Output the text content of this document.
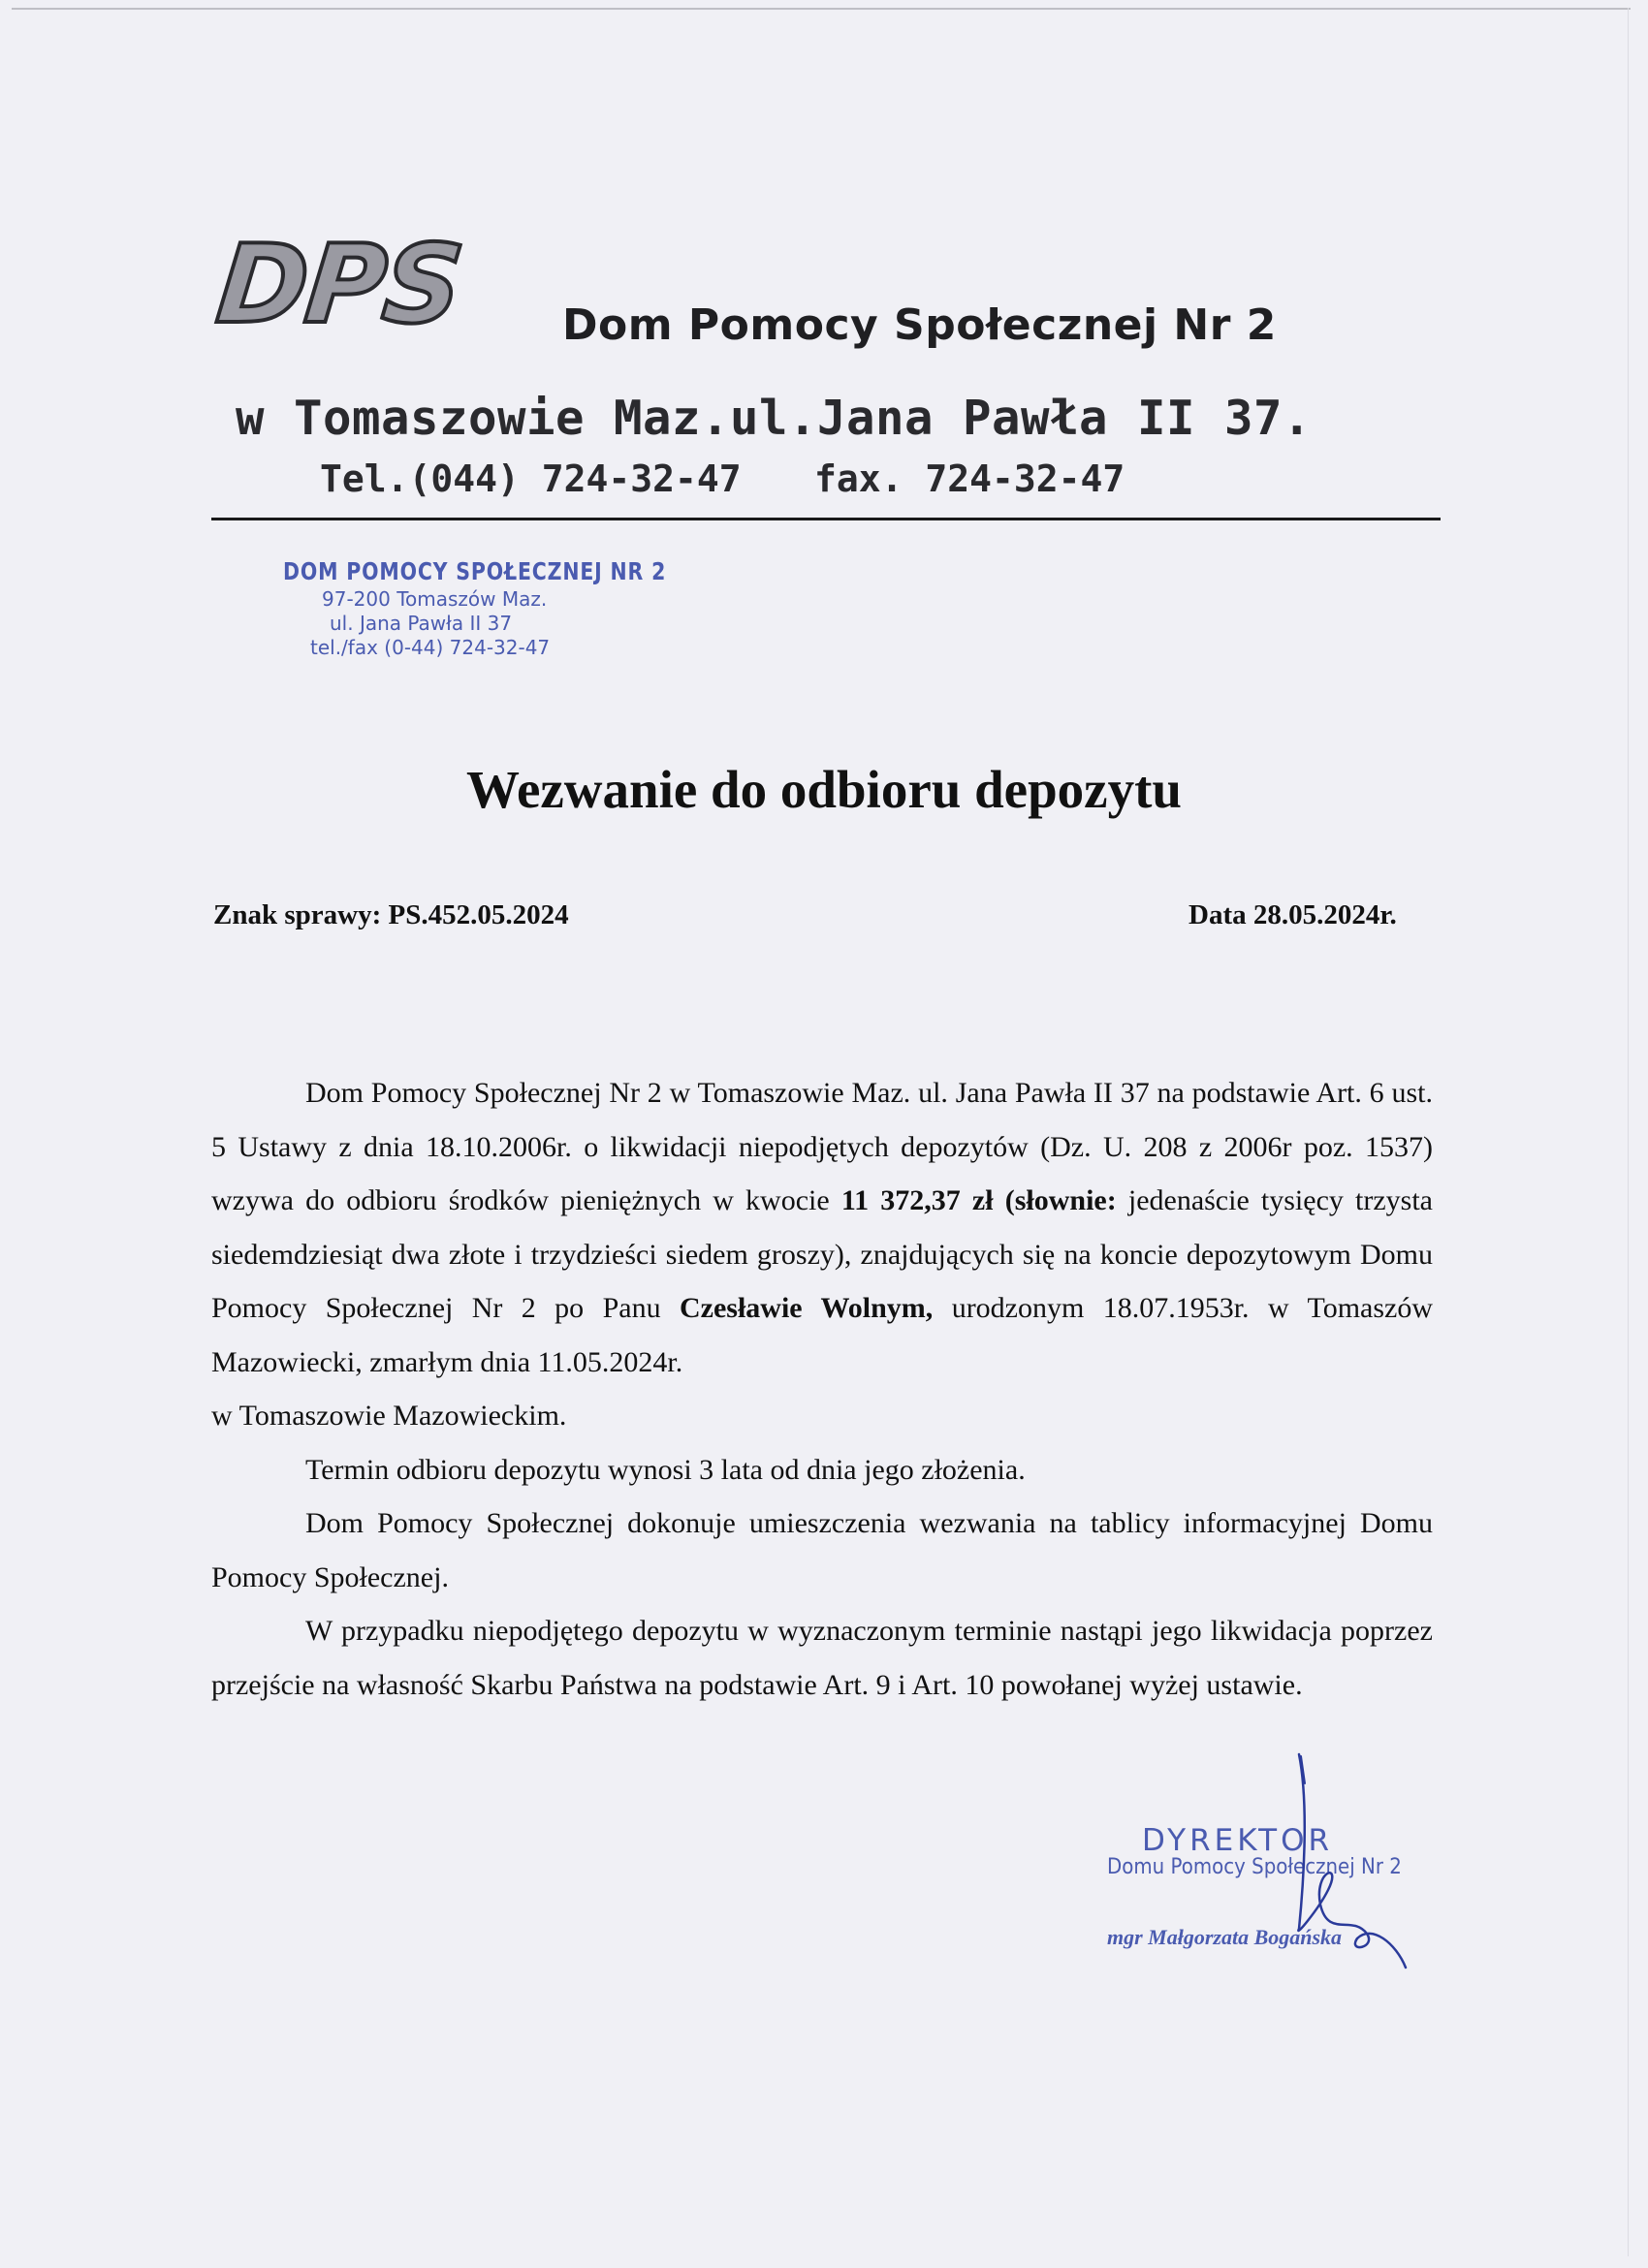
DPS Dom Pomocy Społecznej Nr 2
w Tomaszowie Maz.ul.Jana Pawła II 37.
Tel.(044) 724-32-47 fax. 724-32-47
DOM POMOCY SPOŁECZNEJ NR 2
97-200 Tomaszów Maz.
ul. Jana Pawła II 37
tel./fax (0-44) 724-32-47
Wezwanie do odbioru depozytu
Znak sprawy: PS.452.05.2024	Data 28.05.2024r.

Dom Pomocy Społecznej Nr 2 w Tomaszowie Maz. ul. Jana Pawła II 37 na podstawie Art. 6 ust. 5 Ustawy z dnia 18.10.2006r. o likwidacji niepodjętych depozytów (Dz. U. 208 z 2006r poz. 1537) wzywa do odbioru środków pieniężnych w kwocie 11 372,37 zł (słownie: jedenaście tysięcy trzysta siedemdziesiąt dwa złote i trzydzieści siedem groszy), znajdujących się na koncie depozytowym Domu Pomocy Społecznej Nr 2 po Panu Czesławie Wolnym, urodzonym 18.07.1953r. w Tomaszów Mazowiecki, zmarłym dnia 11.05.2024r.

w Tomaszowie Mazowieckim.

Termin odbioru depozytu wynosi 3 lata od dnia jego złożenia.

Dom Pomocy Społecznej dokonuje umieszczenia wezwania na tablicy informacyjnej Domu Pomocy Społecznej.

W przypadku niepodjętego depozytu w wyznaczonym terminie nastąpi jego likwidacja poprzez przejście na własność Skarbu Państwa na podstawie Art. 9 i Art. 10 powołanej wyżej ustawie.

DYREKTOR
Domu Pomocy Społecznej Nr 2
mgr Małgorzata Bogańska
